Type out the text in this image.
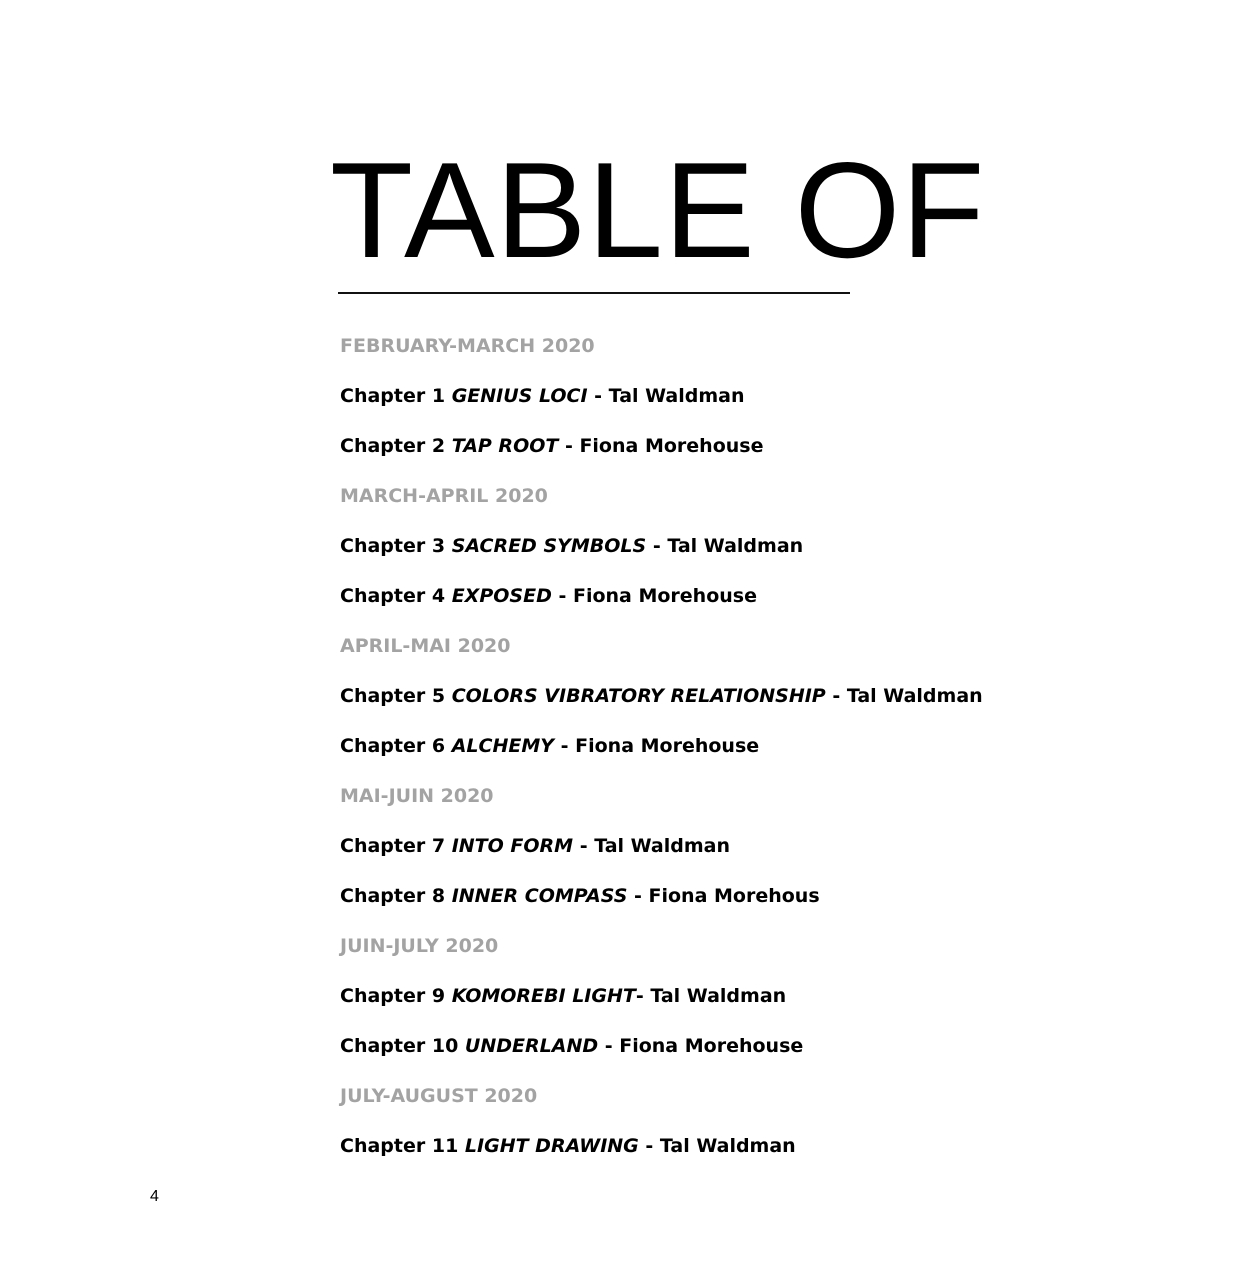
TABLE OF
FEBRUARY-MARCH 2020
Chapter 1 GENIUS LOCI - Tal Waldman
Chapter 2 TAP ROOT - Fiona Morehouse
MARCH-APRIL 2020
Chapter 3 SACRED SYMBOLS - Tal Waldman
Chapter 4 EXPOSED - Fiona Morehouse
APRIL-MAI 2020
Chapter 5 COLORS VIBRATORY RELATIONSHIP - Tal Waldman
Chapter 6 ALCHEMY - Fiona Morehouse
MAI-JUIN 2020
Chapter 7 INTO FORM - Tal Waldman
Chapter 8 INNER COMPASS - Fiona Morehous
JUIN-JULY 2020
Chapter 9 KOMOREBI LIGHT- Tal Waldman
Chapter 10 UNDERLAND - Fiona Morehouse
JULY-AUGUST 2020
Chapter 11 LIGHT DRAWING - Tal Waldman
4
